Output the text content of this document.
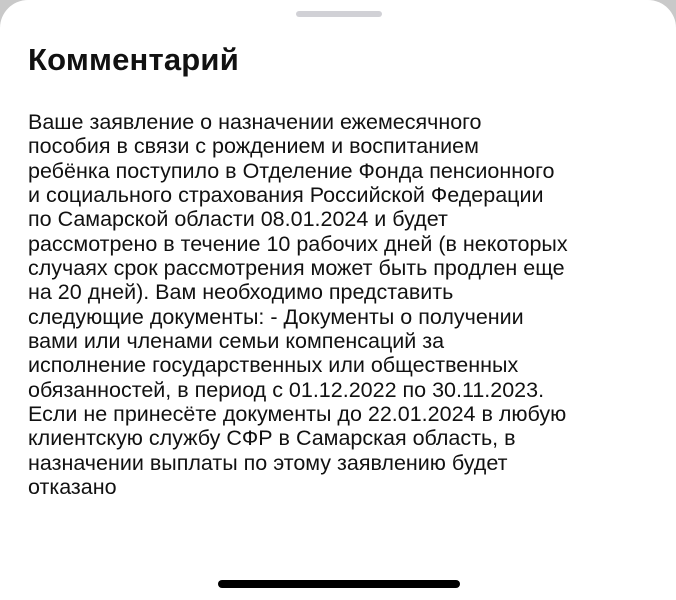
Комментарий

Ваше заявление о назначении ежемесячного
пособия в связи с рождением и воспитанием
ребёнка поступило в Отделение Фонда пенсионного
и социального страхования Российской Федерации
по Самарской области 08.01.2024 и будет
рассмотрено в течение 10 рабочих дней (в некоторых
случаях срок рассмотрения может быть продлен еще
на 20 дней). Вам необходимо представить
следующие документы: - Документы о получении
вами или членами семьи компенсаций за
исполнение государственных или общественных
обязанностей, в период с 01.12.2022 по 30.11.2023.
Если не принесёте документы до 22.01.2024 в любую
клиентскую службу СФР в Самарская область, в
назначении выплаты по этому заявлению будет
отказано
